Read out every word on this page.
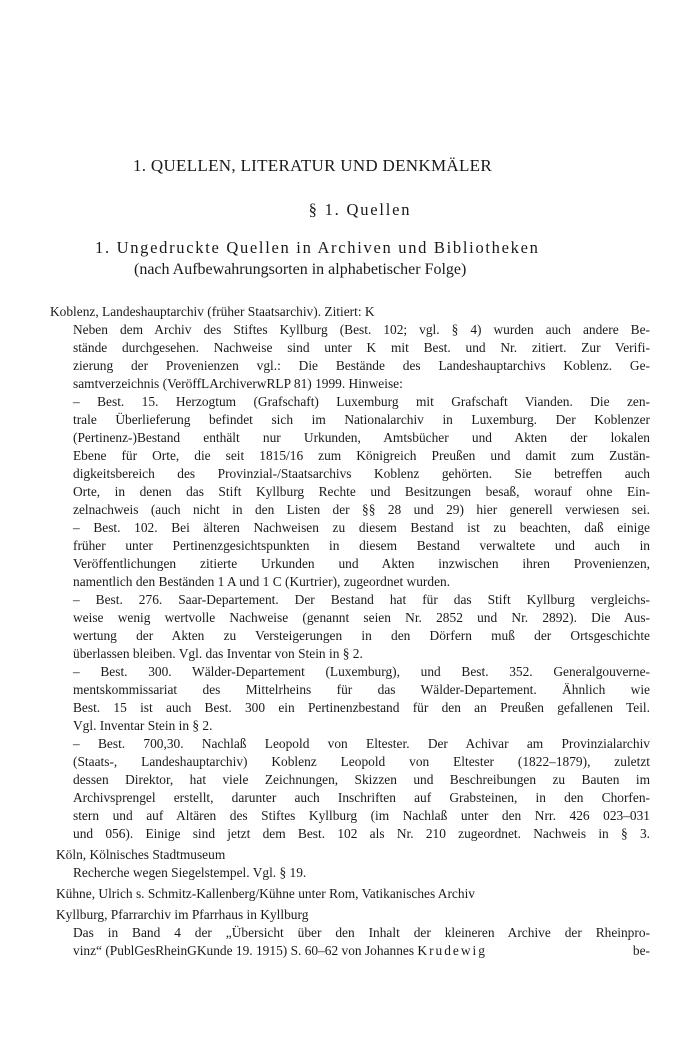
1. QUELLEN, LITERATUR UND DENKMÄLER
§ 1. Quellen
1. Ungedruckte Quellen in Archiven und Bibliotheken
(nach Aufbewahrungsorten in alphabetischer Folge)
Koblenz, Landeshauptarchiv (früher Staatsarchiv). Zitiert: K
Neben dem Archiv des Stiftes Kyllburg (Best. 102; vgl. § 4) wurden auch andere Be-
stände durchgesehen. Nachweise sind unter K mit Best. und Nr. zitiert. Zur Verifi-
zierung der Provenienzen vgl.: Die Bestände des Landeshauptarchivs Koblenz. Ge-
samtverzeichnis (VeröffLArchiverwRLP 81) 1999. Hinweise:
– Best. 15. Herzogtum (Grafschaft) Luxemburg mit Grafschaft Vianden. Die zen-
trale Überlieferung befindet sich im Nationalarchiv in Luxemburg. Der Koblenzer
(Pertinenz-)Bestand enthält nur Urkunden, Amtsbücher und Akten der lokalen
Ebene für Orte, die seit 1815/16 zum Königreich Preußen und damit zum Zustän-
digkeitsbereich des Provinzial-/Staatsarchivs Koblenz gehörten. Sie betreffen auch
Orte, in denen das Stift Kyllburg Rechte und Besitzungen besaß, worauf ohne Ein-
zelnachweis (auch nicht in den Listen der §§ 28 und 29) hier generell verwiesen sei.
– Best. 102. Bei älteren Nachweisen zu diesem Bestand ist zu beachten, daß einige
früher unter Pertinenzgesichtspunkten in diesem Bestand verwaltete und auch in
Veröffentlichungen zitierte Urkunden und Akten inzwischen ihren Provenienzen,
namentlich den Beständen 1 A und 1 C (Kurtrier), zugeordnet wurden.
– Best. 276. Saar-Departement. Der Bestand hat für das Stift Kyllburg vergleichs-
weise wenig wertvolle Nachweise (genannt seien Nr. 2852 und Nr. 2892). Die Aus-
wertung der Akten zu Versteigerungen in den Dörfern muß der Ortsgeschichte
überlassen bleiben. Vgl. das Inventar von Stein in § 2.
– Best. 300. Wälder-Departement (Luxemburg), und Best. 352. Generalgouverne-
mentskommissariat des Mittelrheins für das Wälder-Departement. Ähnlich wie
Best. 15 ist auch Best. 300 ein Pertinenzbestand für den an Preußen gefallenen Teil.
Vgl. Inventar Stein in § 2.
– Best. 700,30. Nachlaß Leopold von Eltester. Der Achivar am Provinzialarchiv
(Staats-, Landeshauptarchiv) Koblenz Leopold von Eltester (1822–1879), zuletzt
dessen Direktor, hat viele Zeichnungen, Skizzen und Beschreibungen zu Bauten im
Archivsprengel erstellt, darunter auch Inschriften auf Grabsteinen, in den Chorfen-
stern und auf Altären des Stiftes Kyllburg (im Nachlaß unter den Nrr. 426 023–031
und 056). Einige sind jetzt dem Best. 102 als Nr. 210 zugeordnet. Nachweis in § 3.
Köln, Kölnisches Stadtmuseum
Recherche wegen Siegelstempel. Vgl. § 19.
Kühne, Ulrich s. Schmitz-Kallenberg/Kühne unter Rom, Vatikanisches Archiv
Kyllburg, Pfarrarchiv im Pfarrhaus in Kyllburg
Das in Band 4 der „Übersicht über den Inhalt der kleineren Archive der Rheinpro-
vinz“ (PublGesRheinGKunde 19. 1915) S. 60–62 von Johannes Krudewig	be-
